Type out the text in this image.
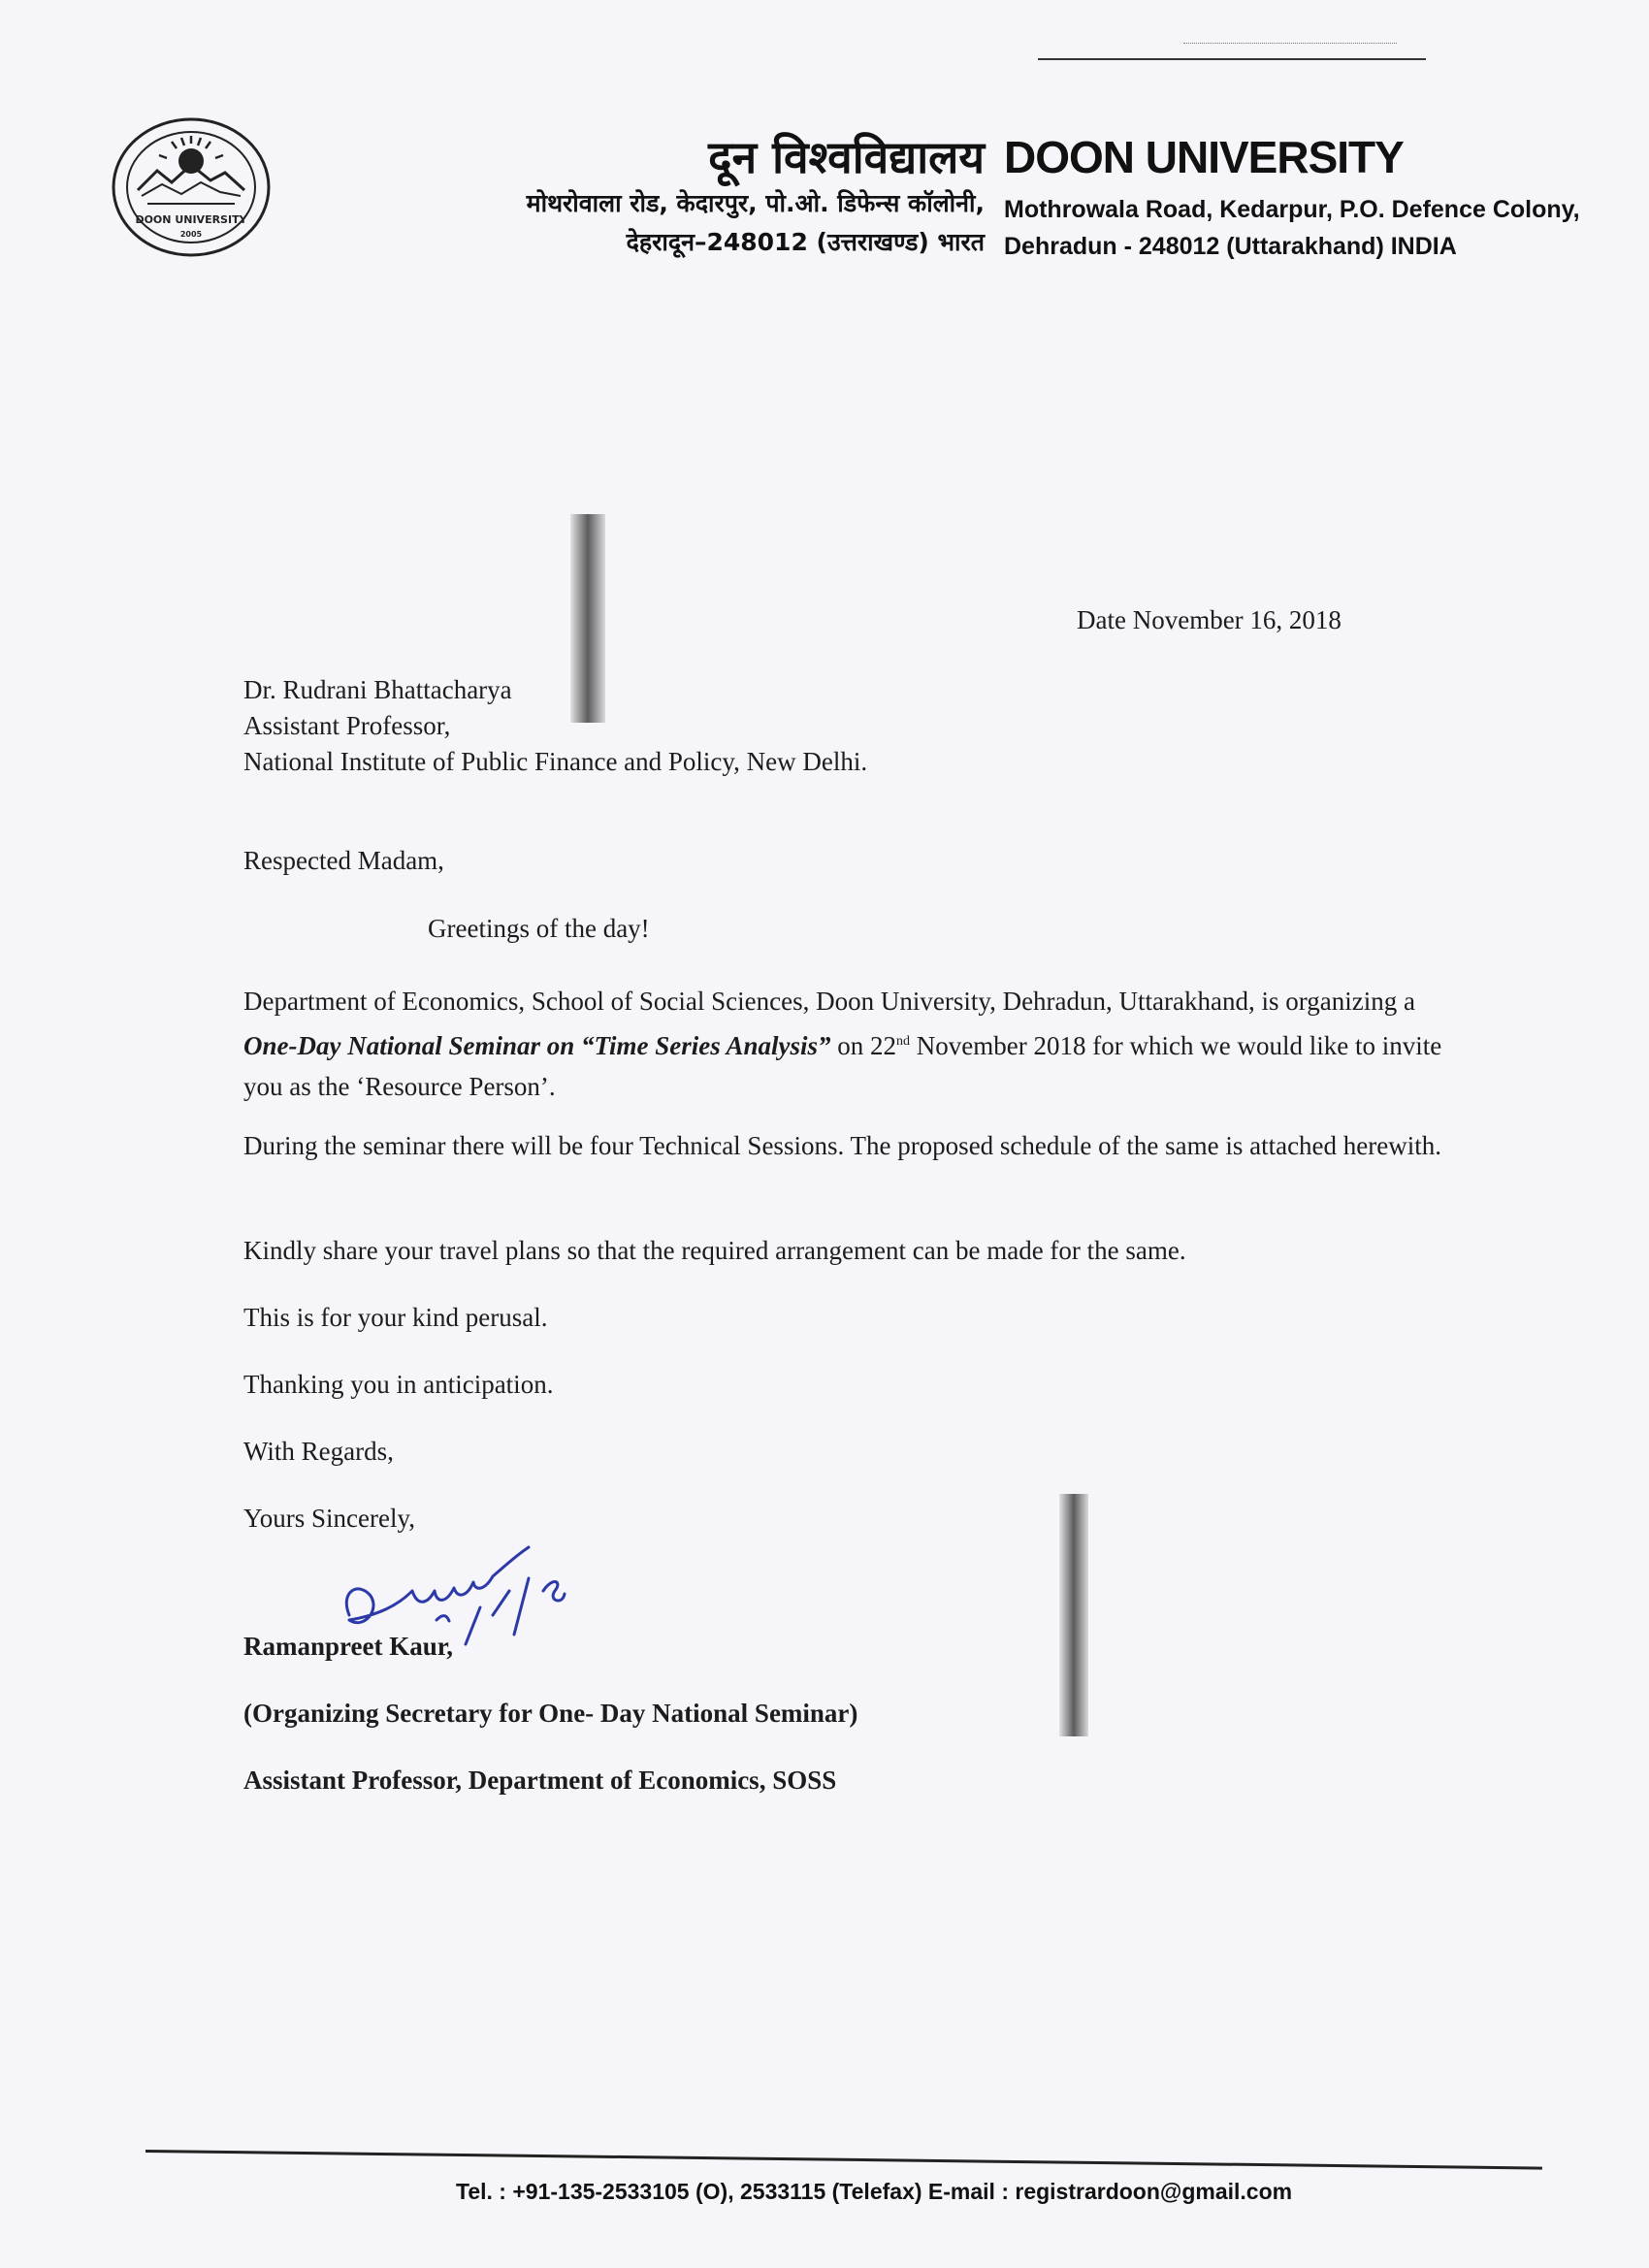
DOON UNIVERSITY
2005
दून विश्वविद्यालय DOON UNIVERSITY
मोथरोवाला रोड, केदारपुर, पो.ओ. डिफेन्स कॉलोनी,
देहरादून–248012 (उत्तराखण्ड) भारत
Mothrowala Road, Kedarpur, P.O. Defence Colony,
Dehradun - 248012 (Uttarakhand) INDIA
Date November 16, 2018
Dr. Rudrani Bhattacharya
Assistant Professor,
National Institute of Public Finance and Policy, New Delhi.
Respected Madam,
Greetings of the day!
Department of Economics, School of Social Sciences, Doon University, Dehradun, Uttarakhand, is organizing a One-Day National Seminar on “Time Series Analysis” on 22nd November 2018 for which we would like to invite you as the ‘Resource Person’.
During the seminar there will be four Technical Sessions. The proposed schedule of the same is attached herewith.
Kindly share your travel plans so that the required arrangement can be made for the same.
This is for your kind perusal.
Thanking you in anticipation.
With Regards,
Yours Sincerely,
16/11/18
Ramanpreet Kaur,
(Organizing Secretary for One- Day National Seminar)
Assistant Professor, Department of Economics, SOSS
Tel. : +91-135-2533105 (O), 2533115 (Telefax) E-mail : registrardoon@gmail.com
